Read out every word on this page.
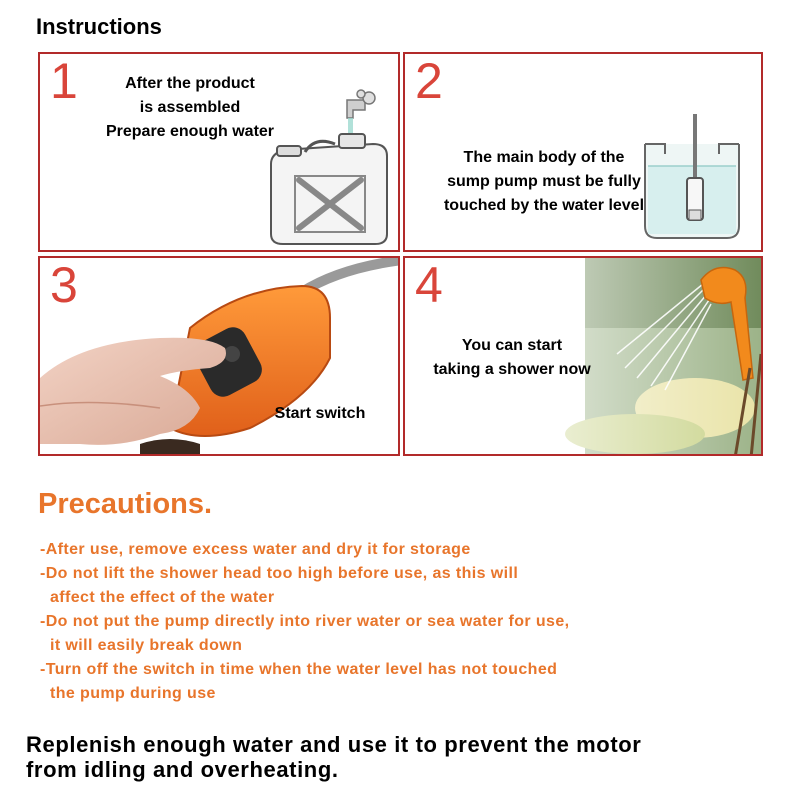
Instructions
1	After the product
is assembled
Prepare enough water
2
The main body of the
sump pump must be fully
touched by the water level
3
Start switch
4
You can start
taking a shower now
Precautions.
-After use, remove excess water and dry it for storage
-Do not lift the shower head too high before use, as this will
affect the effect of the water
-Do not put the pump directly into river water or sea water for use,
it will easily break down
-Turn off the switch in time when the water level has not touched
the pump during use
Replenish enough water and use it to prevent the motor
from idling and overheating.
